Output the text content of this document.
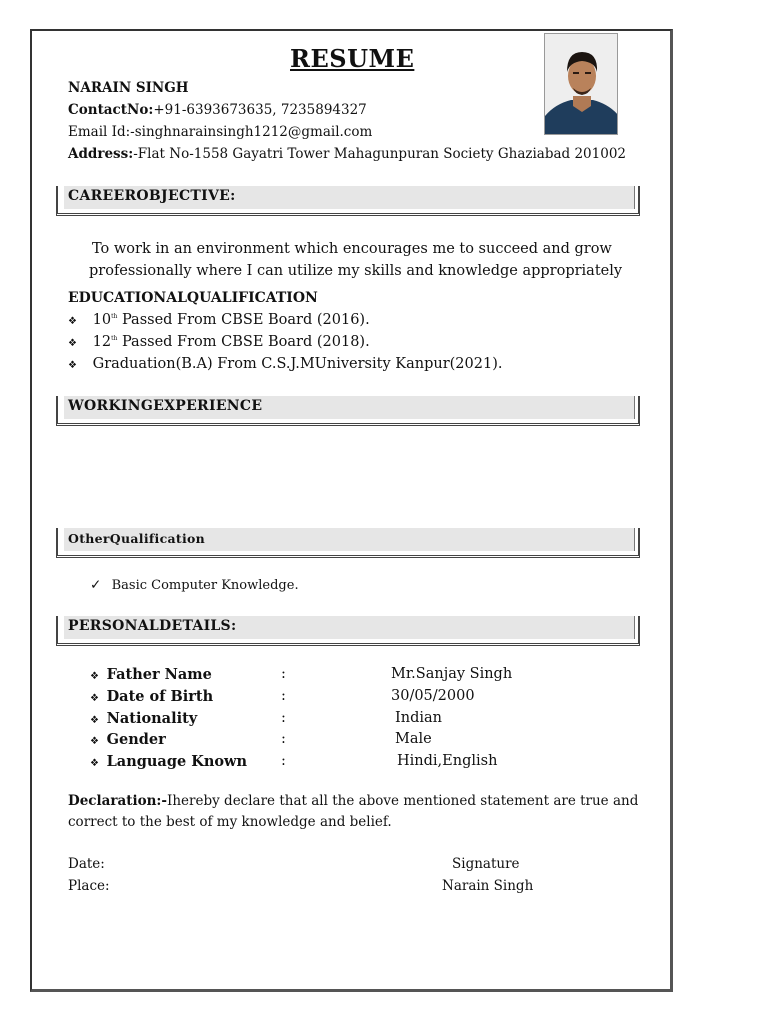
RESUME
NARAIN SINGH
ContactNo:+91-6393673635, 7235894327
Email Id:-singhnarainsingh1212@gmail.com
Address:-Flat No-1558 Gayatri Tower Mahagunpuran Society Ghaziabad 201002
CAREEROBJECTIVE:
To work in an environment which encourages me to succeed and grow
professionally where I can utilize my skills and knowledge appropriately
EDUCATIONALQUALIFICATION
❖ 10th Passed From CBSE Board (2016).
❖ 12th Passed From CBSE Board (2018).
❖ Graduation(B.A) From C.S.J.MUniversity Kanpur(2021).
WORKINGEXPERIENCE
OtherQualification
✓ Basic Computer Knowledge.
PERSONALDETAILS:
❖ Father Name	:	Mr.Sanjay Singh
❖ Date of Birth	:	30/05/2000
❖ Nationality	:	Indian
❖ Gender	:	Male
❖ Language Known :	Hindi,English
Declaration:-Ihereby declare that all the above mentioned statement are true and
correct to the best of my knowledge and belief.
Date:
Place:
Signature
Narain Singh
